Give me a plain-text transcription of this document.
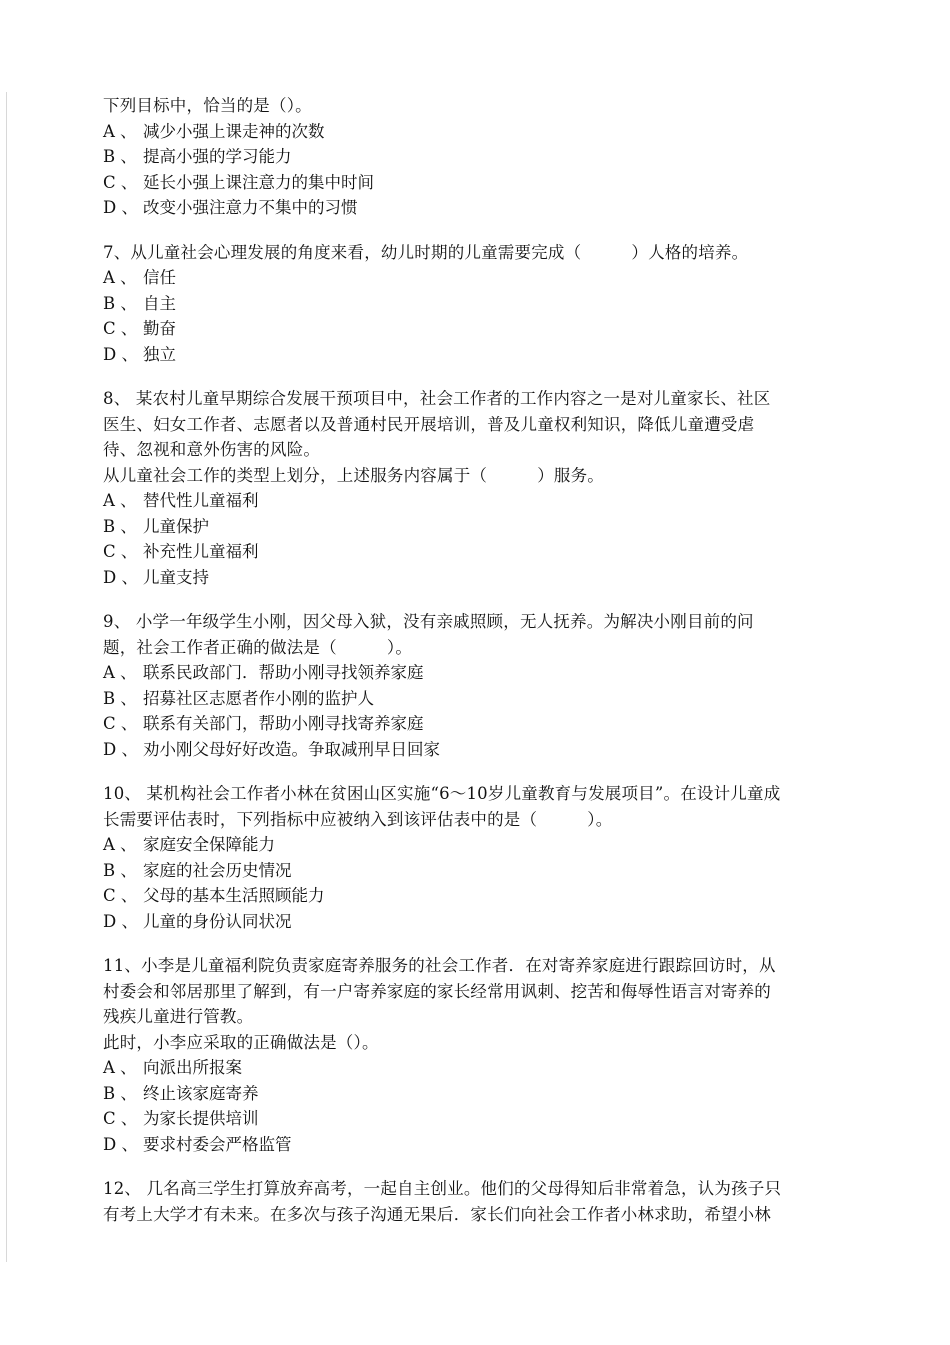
下列目标中，恰当的是（）。
A 、 减少小强上课走神的次数
B 、 提高小强的学习能力
C 、 延长小强上课注意力的集中时间
D 、 改变小强注意力不集中的习惯
7、从儿童社会心理发展的角度来看，幼儿时期的儿童需要完成（　　　）人格的培养。
A 、 信任
B 、 自主
C 、 勤奋
D 、 独立
8、 某农村儿童早期综合发展干预项目中，社会工作者的工作内容之一是对儿童家长、社区
医生、妇女工作者、志愿者以及普通村民开展培训，普及儿童权利知识，降低儿童遭受虐
待、忽视和意外伤害的风险。
从儿童社会工作的类型上划分，上述服务内容属于（　　　）服务。
A 、 替代性儿童福利
B 、 儿童保护
C 、 补充性儿童福利
D 、 儿童支持
9、 小学一年级学生小刚，因父母入狱，没有亲戚照顾，无人抚养。为解决小刚目前的问
题，社会工作者正确的做法是（　　　）。
A 、 联系民政部门．帮助小刚寻找领养家庭
B 、 招募社区志愿者作小刚的监护人
C 、 联系有关部门，帮助小刚寻找寄养家庭
D 、 劝小刚父母好好改造。争取减刑早日回家
10、 某机构社会工作者小林在贫困山区实施“6～10岁儿童教育与发展项目”。在设计儿童成
长需要评估表时，下列指标中应被纳入到该评估表中的是（　　　）。
A 、 家庭安全保障能力
B 、 家庭的社会历史情况
C 、 父母的基本生活照顾能力
D 、 儿童的身份认同状况
11、小李是儿童福利院负责家庭寄养服务的社会工作者．在对寄养家庭进行跟踪回访时，从
村委会和邻居那里了解到，有一户寄养家庭的家长经常用讽刺、挖苦和侮辱性语言对寄养的
残疾儿童进行管教。
此时，小李应采取的正确做法是（）。
A 、 向派出所报案
B 、 终止该家庭寄养
C 、 为家长提供培训
D 、 要求村委会严格监管
12、 几名高三学生打算放弃高考，一起自主创业。他们的父母得知后非常着急，认为孩子只
有考上大学才有未来。在多次与孩子沟通无果后．家长们向社会工作者小林求助，希望小林
